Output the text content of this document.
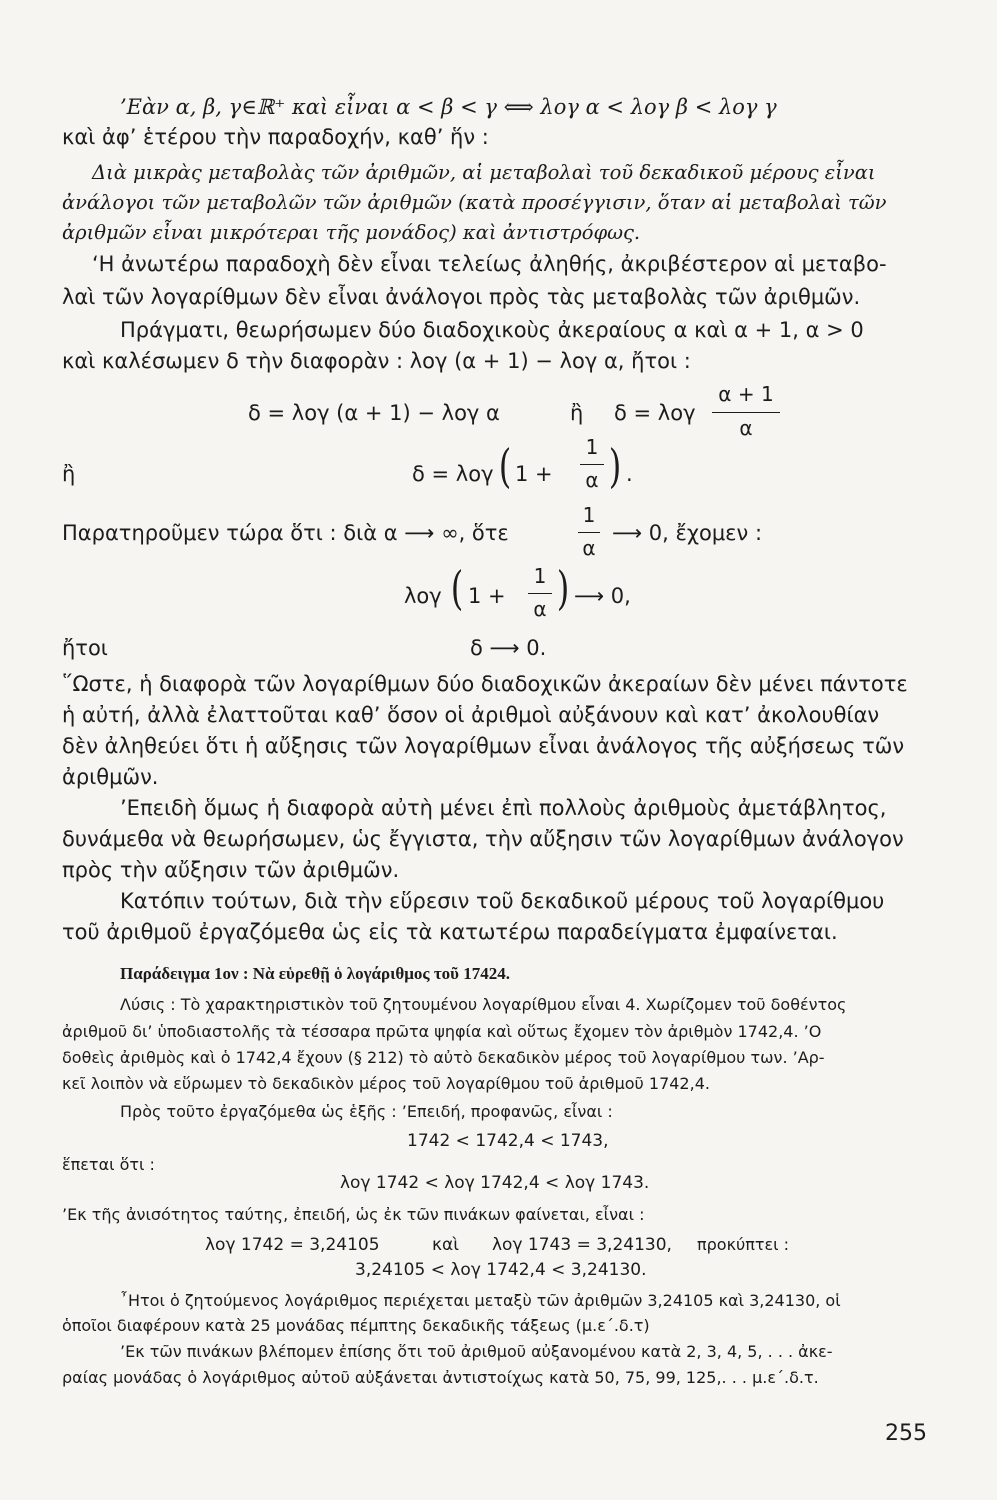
’Εὰν α, β, γ∈ℝ⁺ καὶ εἶναι α < β < γ ⟺ λογ α < λογ β < λογ γ

καὶ ἀφ’ ἑτέρου τὴν παραδοχήν, καθ’ ἥν :

Διὰ μικρὰς μεταβολὰς τῶν ἀριθμῶν, αἱ μεταβολαὶ τοῦ δεκαδικοῦ μέρους εἶναι

ἀνάλογοι τῶν μεταβολῶν τῶν ἀριθμῶν (κατὰ προσέγγισιν, ὅταν αἱ μεταβολαὶ τῶν

ἀριθμῶν εἶναι μικρότεραι τῆς μονάδος) καὶ ἀντιστρόφως.

‘Η ἀνωτέρω παραδοχὴ δὲν εἶναι τελείως ἀληθής, ἀκριβέστερον αἱ μεταβο-

λαὶ τῶν λογαρίθμων δὲν εἶναι ἀνάλογοι πρὸς τὰς μεταβολὰς τῶν ἀριθμῶν.

Πράγματι, θεωρήσωμεν δύο διαδοχικοὺς ἀκεραίους α καὶ α + 1, α > 0

καὶ καλέσωμεν δ τὴν διαφορὰν : λογ (α + 1) − λογ α, ἤτοι :

δ = λογ (α + 1) − λογ α	ἢ δ = λογ
α + 1
α
ἢ	δ = λογ ( 1 +
1
α ) .
Παρατηροῦμεν τώρα ὅτι : διὰ α ⟶ ∞, ὅτε
1
α
⟶ 0, ἔχομεν :
λογ ( 1 +
1
α ) ⟶ 0,
ἤτοι	δ ⟶ 0.

῞Ωστε, ἡ διαφορὰ τῶν λογαρίθμων δύο διαδοχικῶν ἀκεραίων δὲν μένει πάντοτε

ἡ αὐτή, ἀλλὰ ἐλαττοῦται καθ’ ὅσον οἱ ἀριθμοὶ αὐξάνουν καὶ κατ’ ἀκολουθίαν

δὲν ἀληθεύει ὅτι ἡ αὔξησις τῶν λογαρίθμων εἶναι ἀνάλογος τῆς αὐξήσεως τῶν

ἀριθμῶν.

’Επειδὴ ὅμως ἡ διαφορὰ αὐτὴ μένει ἐπὶ πολλοὺς ἀριθμοὺς ἀμετάβλητος,

δυνάμεθα νὰ θεωρήσωμεν, ὡς ἔγγιστα, τὴν αὔξησιν τῶν λογαρίθμων ἀνάλογον

πρὸς τὴν αὔξησιν τῶν ἀριθμῶν.

Κατόπιν τούτων, διὰ τὴν εὕρεσιν τοῦ δεκαδικοῦ μέρους τοῦ λογαρίθμου

τοῦ ἀριθμοῦ ἐργαζόμεθα ὡς εἰς τὰ κατωτέρω παραδείγματα ἐμφαίνεται.

Παράδειγμα 1ον : Νὰ εὑρεθῇ ὁ λογάριθμος τοῦ 17424.

Λύσις : Τὸ χαρακτηριστικὸν τοῦ ζητουμένου λογαρίθμου εἶναι 4. Χωρίζομεν τοῦ δοθέντος

ἀριθμοῦ δι’ ὑποδιαστολῆς τὰ τέσσαρα πρῶτα ψηφία καὶ οὕτως ἔχομεν τὸν ἀριθμὸν 1742,4. ’Ο

δοθεὶς ἀριθμὸς καὶ ὁ 1742,4 ἔχουν (§ 212) τὸ αὐτὸ δεκαδικὸν μέρος τοῦ λογαρίθμου των. ’Αρ-

κεῖ λοιπὸν νὰ εὕρωμεν τὸ δεκαδικὸν μέρος τοῦ λογαρίθμου τοῦ ἀριθμοῦ 1742,4.

Πρὸς τοῦτο ἐργαζόμεθα ὡς ἑξῆς : ’Επειδή, προφανῶς, εἶναι :

1742 < 1742,4 < 1743,

ἕπεται ὅτι :

λογ 1742 < λογ 1742,4 < λογ 1743.

’Εκ τῆς ἀνισότητος ταύτης, ἐπειδή, ὡς ἐκ τῶν πινάκων φαίνεται, εἶναι :

λογ 1742 = 3,24105	καὶ λογ 1743 = 3,24130, προκύπτει :

3,24105 < λογ 1742,4 < 3,24130.

῏Ητοι ὁ ζητούμενος λογάριθμος περιέχεται μεταξὺ τῶν ἀριθμῶν 3,24105 καὶ 3,24130, οἱ

ὁποῖοι διαφέρουν κατὰ 25 μονάδας πέμπτης δεκαδικῆς τάξεως (μ.ε΄.δ.τ)

’Εκ τῶν πινάκων βλέπομεν ἐπίσης ὅτι τοῦ ἀριθμοῦ αὐξανομένου κατὰ 2, 3, 4, 5, . . . ἀκε-

ραίας μονάδας ὁ λογάριθμος αὐτοῦ αὐξάνεται ἀντιστοίχως κατὰ 50, 75, 99, 125,. . . μ.ε΄.δ.τ.

255
